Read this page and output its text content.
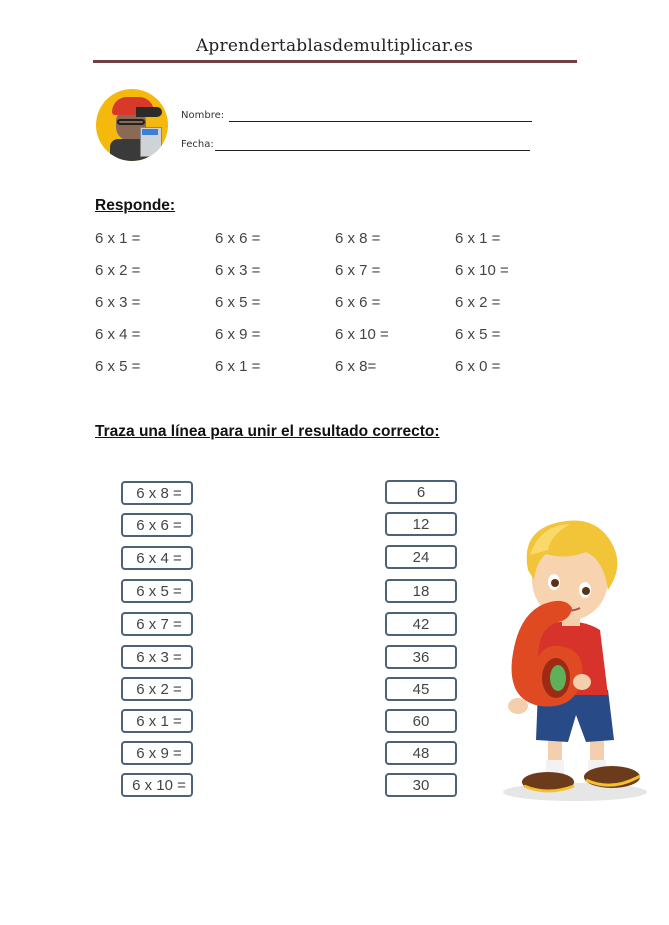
Aprendertablasdemultiplicar.es
Nombre:
Fecha:
Responde:
6 x 1 =
6 x 2 =
6 x 3 =
6 x 4 =
6 x 5 =
6 x 6 =
6 x 3 =
6 x 5 =
6 x 9 =
6 x 1 =
6 x 8 =
6 x 7 =
6 x 6 =
6 x 10 =
6 x 8=
6 x 1 =
6 x 10 =
6 x 2 =
6 x 5 =
6 x 0 =
Traza una línea para unir el resultado correcto:
6 x 8 =
6 x 6 =
6 x 4 =
6 x 5 =
6 x 7 =
6 x 3 =
6 x 2 =
6 x 1 =
6 x 9 =
6 x 10 =
6
12
24
18
42
36
45
60
48
30
